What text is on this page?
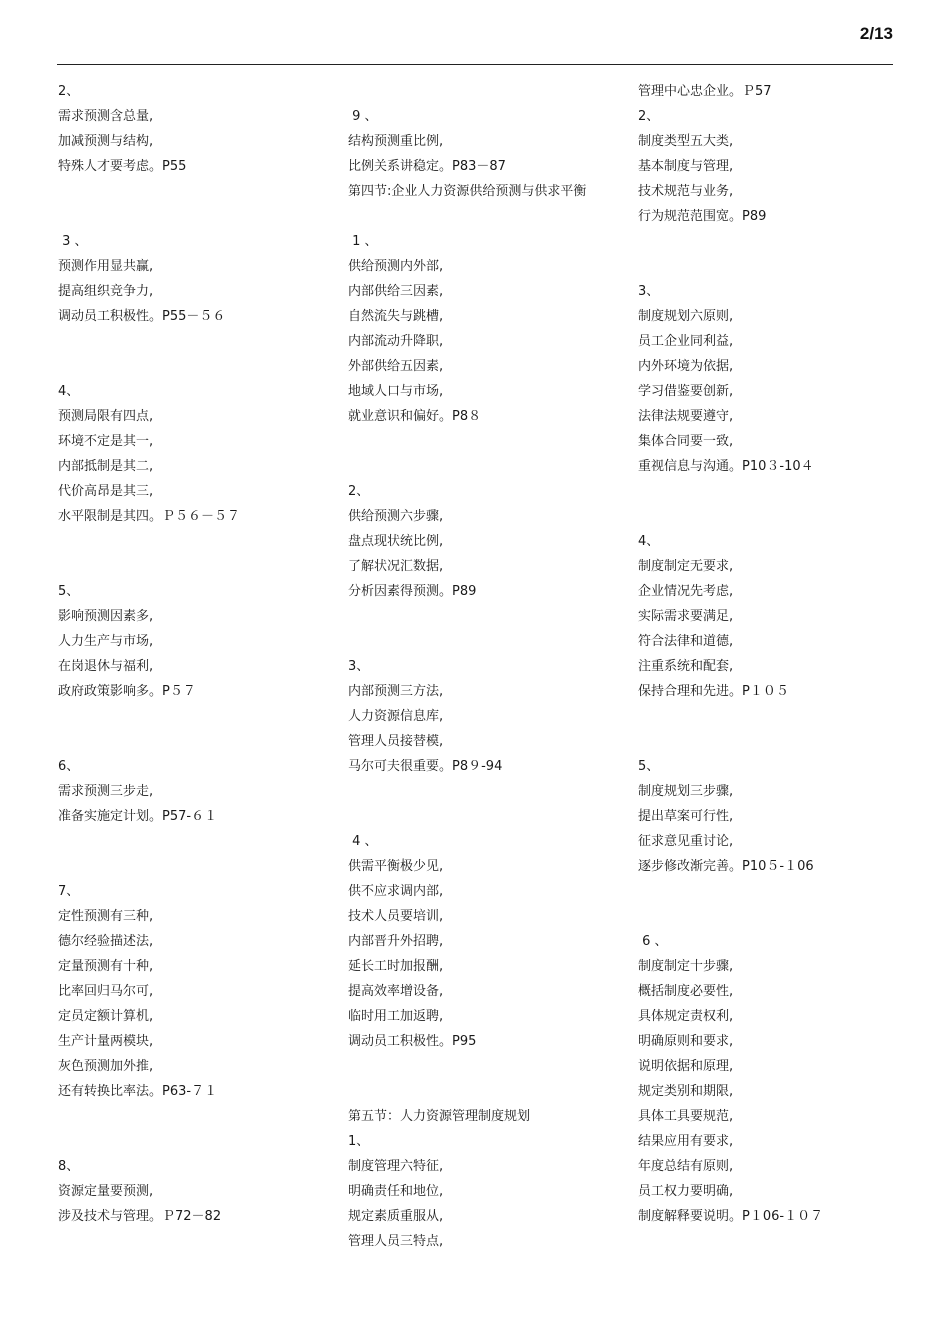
2/13
2、
需求预测含总量,
加减预测与结构,
特殊人才要考虑。P55
3 、
预测作用显共赢,
提高组织竞争力,
调动员工积极性。P55－５６
4、
预测局限有四点,
环境不定是其一,
内部抵制是其二,
代价高昂是其三,
水平限制是其四。Ｐ５６－５７
5、
影响预测因素多,
人力生产与市场,
在岗退休与福利,
政府政策影响多。P５７
6、
需求预测三步走,
准备实施定计划。P57-６１
7、
定性预测有三种,
德尔经验描述法,
定量预测有十种,
比率回归马尔可,
定员定额计算机,
生产计量两模块,
灰色预测加外推,
还有转换比率法。P63-７１
8、
资源定量要预测,
涉及技术与管理。Ｐ72－82
9 、
结构预测重比例,
比例关系讲稳定。P83－87
第四节:企业人力资源供给预测与供求平衡
1 、
供给预测内外部,
内部供给三因素,
自然流失与跳槽,
内部流动升降职,
外部供给五因素,
地域人口与市场,
就业意识和偏好。P8８
2、
供给预测六步骤,
盘点现状统比例,
了解状况汇数据,
分析因素得预测。P89
3、
内部预测三方法,
人力资源信息库,
管理人员接替模,
马尔可夫很重要。P8９-94
4 、
供需平衡极少见,
供不应求调内部,
技术人员要培训,
内部晋升外招聘,
延长工时加报酬,
提高效率增设备,
临时用工加返聘,
调动员工积极性。P95
第五节：人力资源管理制度规划
1、
制度管理六特征,
明确责任和地位,
规定素质重服从,
管理人员三特点,
管理中心忠企业。Ｐ57
2、
制度类型五大类,
基本制度与管理,
技术规范与业务,
行为规范范围宽。P89
3、
制度规划六原则,
员工企业同利益,
内外环境为依据,
学习借鉴要创新,
法律法规要遵守,
集体合同要一致,
重视信息与沟通。P10３-10４
4、
制度制定无要求,
企业情况先考虑,
实际需求要满足,
符合法律和道德,
注重系统和配套,
保持合理和先进。P１０５
5、
制度规划三步骤,
提出草案可行性,
征求意见重讨论,
逐步修改渐完善。P10５-１06
6 、
制度制定十步骤,
概括制度必要性,
具体规定责权利,
明确原则和要求,
说明依据和原理,
规定类别和期限,
具体工具要规范,
结果应用有要求,
年度总结有原则,
员工权力要明确,
制度解释要说明。P１06-１０７
